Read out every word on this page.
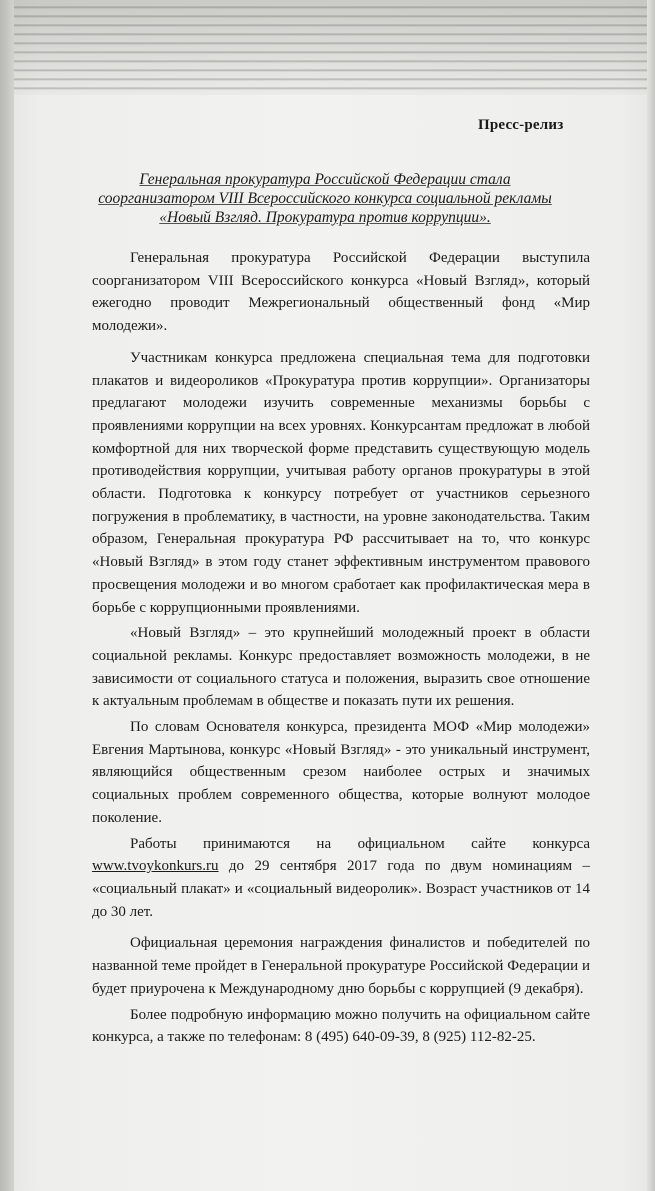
Пресс-релиз
Генеральная прокуратура Российской Федерации стала соорганизатором VIII Всероссийского конкурса социальной рекламы «Новый Взгляд. Прокуратура против коррупции».

Генеральная прокуратура Российской Федерации выступила соорганизатором VIII Всероссийского конкурса «Новый Взгляд», который ежегодно проводит Межрегиональный общественный фонд «Мир молодежи».

Участникам конкурса предложена специальная тема для подготовки плакатов и видеороликов «Прокуратура против коррупции». Организаторы предлагают молодежи изучить современные механизмы борьбы с проявлениями коррупции на всех уровнях. Конкурсантам предложат в любой комфортной для них творческой форме представить существующую модель противодействия коррупции, учитывая работу органов прокуратуры в этой области. Подготовка к конкурсу потребует от участников серьезного погружения в проблематику, в частности, на уровне законодательства. Таким образом, Генеральная прокуратура РФ рассчитывает на то, что конкурс «Новый Взгляд» в этом году станет эффективным инструментом правового просвещения молодежи и во многом сработает как профилактическая мера в борьбе с коррупционными проявлениями.

«Новый Взгляд» – это крупнейший молодежный проект в области социальной рекламы. Конкурс предоставляет возможность молодежи, в не зависимости от социального статуса и положения, выразить свое отношение к актуальным проблемам в обществе и показать пути их решения.

По словам Основателя конкурса, президента МОФ «Мир молодежи» Евгения Мартынова, конкурс «Новый Взгляд» - это уникальный инструмент, являющийся общественным срезом наиболее острых и значимых социальных проблем современного общества, которые волнуют молодое поколение.

Работы принимаются на официальном сайте конкурса www.tvoykonkurs.ru до 29 сентября 2017 года по двум номинациям – «социальный плакат» и «социальный видеоролик». Возраст участников от 14 до 30 лет.

Официальная церемония награждения финалистов и победителей по названной теме пройдет в Генеральной прокуратуре Российской Федерации и будет приурочена к Международному дню борьбы с коррупцией (9 декабря).

Более подробную информацию можно получить на официальном сайте конкурса, а также по телефонам: 8 (495) 640-09-39, 8 (925) 112-82-25.
